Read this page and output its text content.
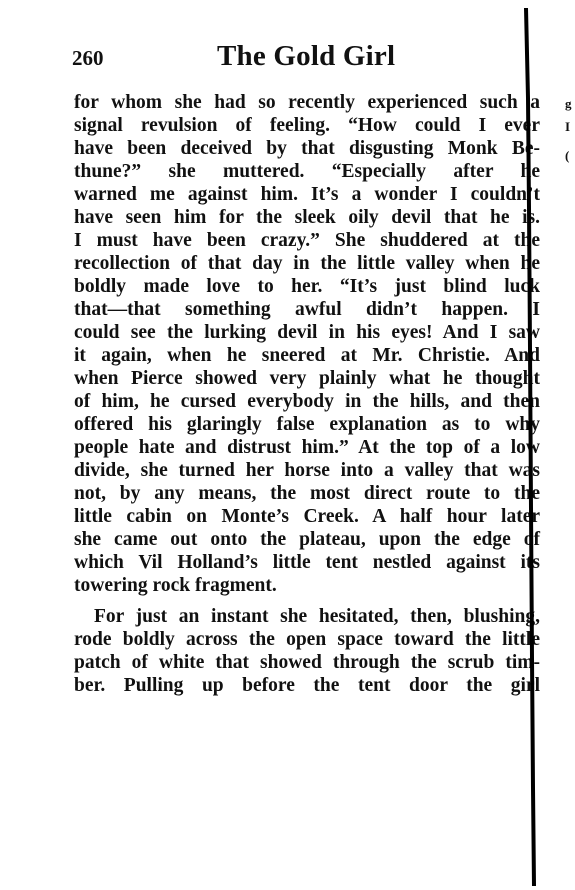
260	The Gold Girl
for whom she had so recently experienced such a
signal revulsion of feeling. “How could I ever
have been deceived by that disgusting Monk Be-
thune?” she muttered. “Especially after he
warned me against him. It’s a wonder I couldn’t
have seen him for the sleek oily devil that he is.
I must have been crazy.” She shuddered at the
recollection of that day in the little valley when he
boldly made love to her. “It’s just blind luck
that—that something awful didn’t happen. I
could see the lurking devil in his eyes! And I saw
it again, when he sneered at Mr. Christie. And
when Pierce showed very plainly what he thought
of him, he cursed everybody in the hills, and then
offered his glaringly false explanation as to why
people hate and distrust him.” At the top of a low
divide, she turned her horse into a valley that was
not, by any means, the most direct route to the
little cabin on Monte’s Creek. A half hour later
she came out onto the plateau, upon the edge of
which Vil Holland’s little tent nestled against its
towering rock fragment.
For just an instant she hesitated, then, blushing,
rode boldly across the open space toward the little
patch of white that showed through the scrub tim-
ber. Pulling up before the tent door the girl
g
I
(
